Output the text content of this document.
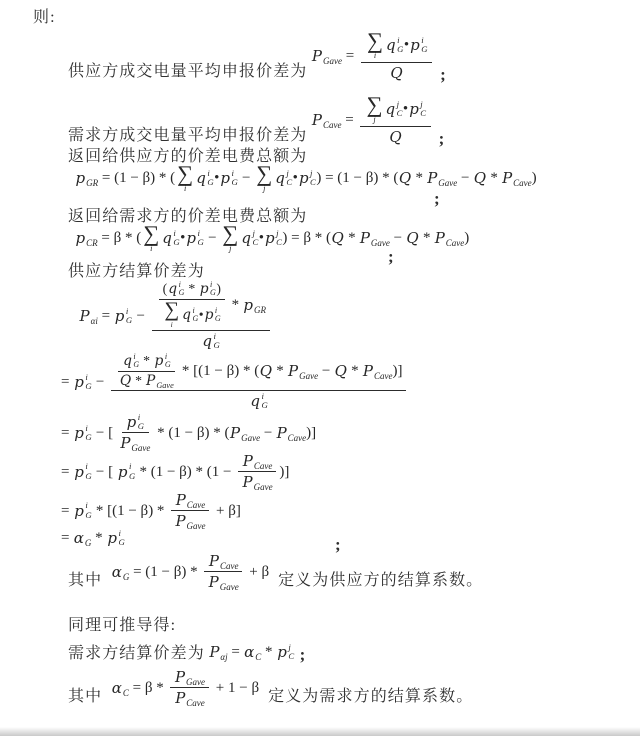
则:
供应方成交电量平均申报价差为
P Gave = ∑
i
q i
G • p i
G
Q ;
需求方成交电量平均申报价差为
P Cave = ∑
j
q j
C • p j
C
Q ;
返回给供应方的价差电费总额为
p GR = (1 − β) * ( ∑
i
q i
G • p i
G − ∑
j
q j
C • p j
C ) = (1 − β) * ( Q * P Gave − Q * P Cave )
;
返回给需求方的价差电费总额为
p CR = β * ( ∑
i
q i
G • p i
G − ∑
j
q j
C • p j
C ) = β * ( Q * P Gave − Q * P Cave )
;
供应方结算价差为
P αi = p i
G − ( q i
G * p i
G )
∑
i
q i
G • p i
G * p GR
q i
G
= p i
G − q i
G * p i
G
Q * P Gave * [(1 − β) * ( Q * P Gave − Q * P Cave )]
q i
G
= p i
G − [ p i
G
P Gave * (1 − β) * ( P Gave − P Cave )]
= p i
G − [ p i
$G * (1 - \beta) * (1 - \frac{\text{P Cave}}{\text{P Gave}}$ )]
= p i
$G * [(1 - \beta) * \frac{\text{P Cave}}{\text{P Gave}} + \beta]$
= α G * p i
G	;
其中 α $G = (1 - \beta) * \frac{\text{P Cave}}{\text{P Gave}} + \beta$
定义为供应方的结算系数。
同理可推导得:
需求方结算价差为 P αj = α C * p j
C ;
其中 α $C = \beta * \frac{\text{P Gave}}{\text{P Cave}} + 1 - \beta$
定义为需求方的结算系数。
